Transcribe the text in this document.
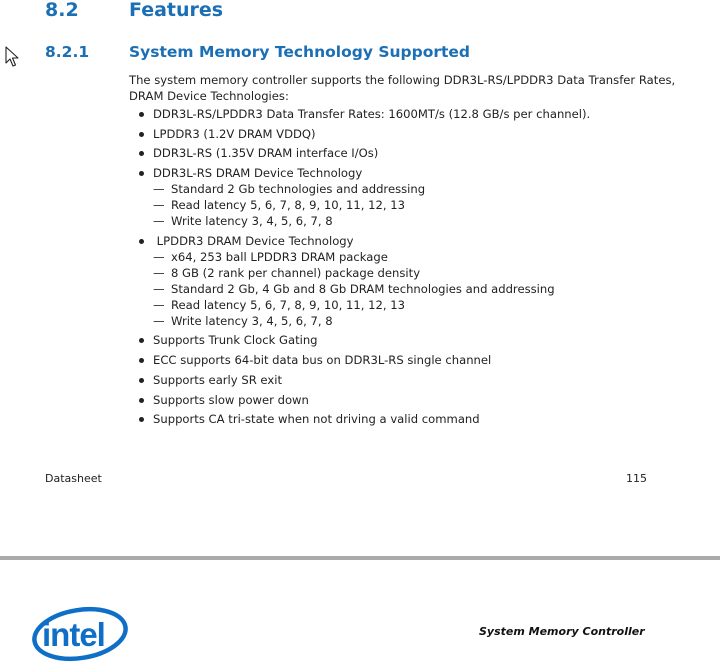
8.2	Features
8.2.1	System Memory Technology Supported

The system memory controller supports the following DDR3L-RS/LPDDR3 Data Transfer Rates, DRAM Device Technologies:

DDR3L-RS/LPDDR3 Data Transfer Rates: 1600MT/s (12.8 GB/s per channel).
LPDDR3 (1.2V DRAM VDDQ)
DDR3L-RS (1.35V DRAM interface I/Os)
DDR3L-RS DRAM Device Technology
— Standard 2 Gb technologies and addressing
— Read latency 5, 6, 7, 8, 9, 10, 11, 12, 13
— Write latency 3, 4, 5, 6, 7, 8
LPDDR3 DRAM Device Technology
— x64, 253 ball LPDDR3 DRAM package
— 8 GB (2 rank per channel) package density
— Standard 2 Gb, 4 Gb and 8 Gb DRAM technologies and addressing
— Read latency 5, 6, 7, 8, 9, 10, 11, 12, 13
— Write latency 3, 4, 5, 6, 7, 8
Supports Trunk Clock Gating
ECC supports 64-bit data bus on DDR3L-RS single channel
Supports early SR exit
Supports slow power down
Supports CA tri-state when not driving a valid command
Datasheet	115
intel	System Memory Controller
